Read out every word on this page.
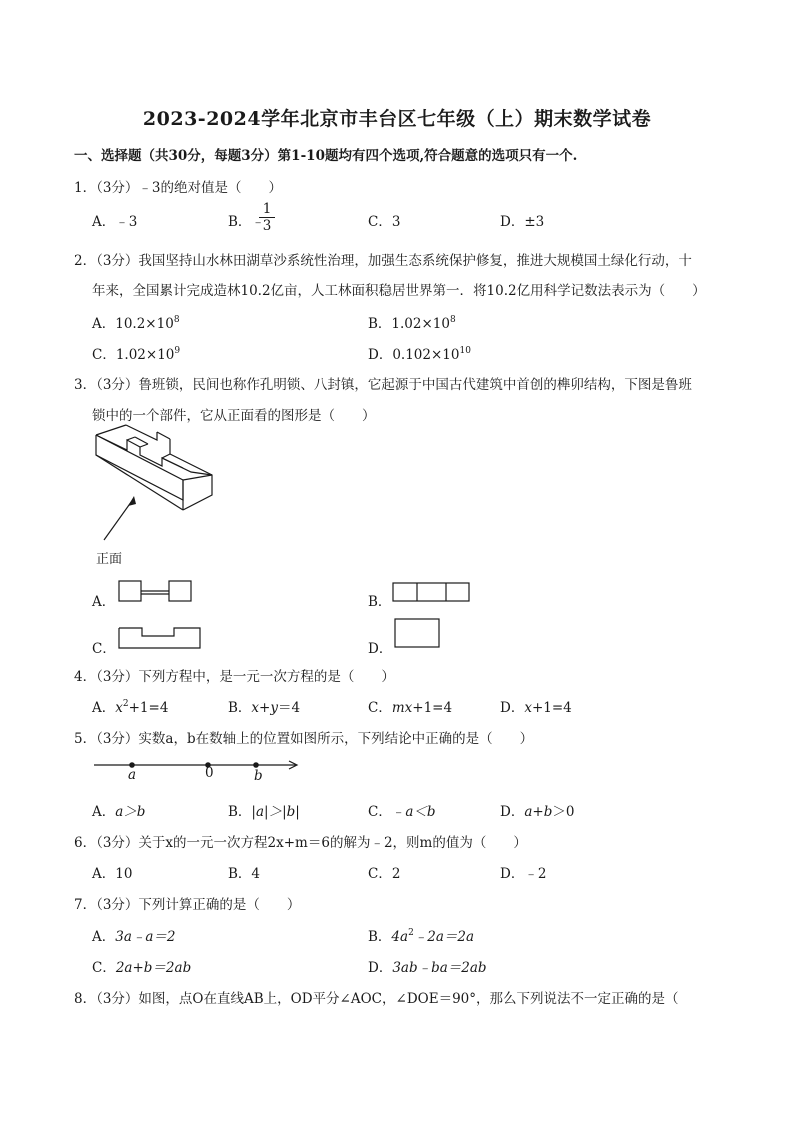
2023-2024学年北京市丰台区七年级（上）期末数学试卷
一、选择题（共30分，每题3分）第1-10题均有四个选项,符合题意的选项只有一个.
1．（3分）﹣3的绝对值是（　　）
A．﹣3	B．﹣
1
3	C．3	D．±3
2．（3分）我国坚持山水林田湖草沙系统性治理，加强生态系统保护修复，推进大规模国土绿化行动，十
年来，全国累计完成造林10.2亿亩，人工林面积稳居世界第一．将10.2亿用科学记数法表示为（　　）
A．$10.2\times 10^8$	B．$1.02\times 10^8$
C．$1.02\times 10^9$	D．$0.102\times 10^{10}$
3．（3分）鲁班锁，民间也称作孔明锁、八封镇，它起源于中国古代建筑中首创的榫卯结构，下图是鲁班
锁中的一个部件，它从正面看的图形是（　　）
正面
A．	B．
C．	D．
4．（3分）下列方程中，是一元一次方程的是（　　）
A．$x^2+1=4$	B．x+y＝4	C．mx+1=4	D．x+1=4
5．（3分）实数a，b在数轴上的位置如图所示，下列结论中正确的是（　　）
a	0	b
A．a＞b	B．|a|＞|b|	C．﹣a＜b	D．a+b＞0
6．（3分）关于x的一元一次方程2x+m＝6的解为﹣2，则m的值为（　　）
A．10	B．4	C．2	D．﹣2
7．（3分）下列计算正确的是（　　）
A．3a﹣a＝2	B．$4a^2﹣2a=2a$
C．2a+b＝2ab	D．3ab﹣ba＝2ab
8．（3分）如图，点O在直线AB上，OD平分∠AOC，∠DOE＝90°，那么下列说法不一定正确的是（
